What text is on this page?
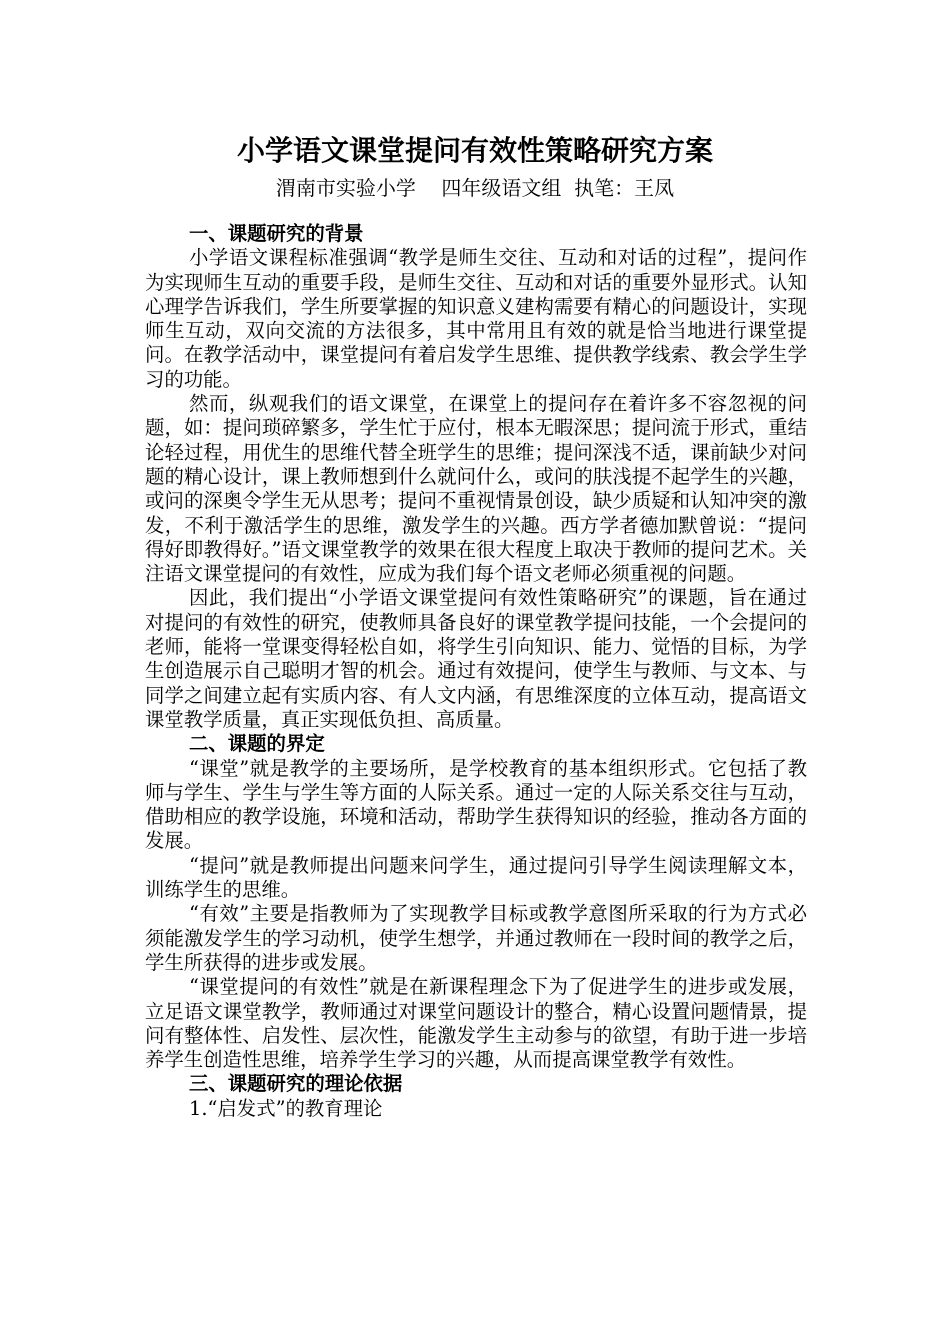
小学语文课堂提问有效性策略研究方案
渭南市实验小学    四年级语文组  执笔：王凤

一、课题研究的背景

小学语文课程标准强调“教学是师生交往、互动和对话的过程”，提问作为实现师生互动的重要手段，是师生交往、互动和对话的重要外显形式。认知心理学告诉我们，学生所要掌握的知识意义建构需要有精心的问题设计，实现师生互动，双向交流的方法很多，其中常用且有效的就是恰当地进行课堂提问。在教学活动中，课堂提问有着启发学生思维、提供教学线索、教会学生学习的功能。

然而，纵观我们的语文课堂，在课堂上的提问存在着许多不容忽视的问题，如：提问琐碎繁多，学生忙于应付，根本无暇深思；提问流于形式，重结论轻过程，用优生的思维代替全班学生的思维；提问深浅不适，课前缺少对问题的精心设计，课上教师想到什么就问什么，或问的肤浅提不起学生的兴趣，或问的深奥令学生无从思考；提问不重视情景创设，缺少质疑和认知冲突的激发，不利于激活学生的思维，激发学生的兴趣。西方学者德加默曾说：“提问得好即教得好。”语文课堂教学的效果在很大程度上取决于教师的提问艺术。关注语文课堂提问的有效性，应成为我们每个语文老师必须重视的问题。

因此，我们提出“小学语文课堂提问有效性策略研究”的课题，旨在通过对提问的有效性的研究，使教师具备良好的课堂教学提问技能，一个会提问的老师，能将一堂课变得轻松自如，将学生引向知识、能力、觉悟的目标，为学生创造展示自己聪明才智的机会。通过有效提问，使学生与教师、与文本、与同学之间建立起有实质内容、有人文内涵，有思维深度的立体互动，提高语文课堂教学质量，真正实现低负担、高质量。

二、课题的界定

“课堂”就是教学的主要场所，是学校教育的基本组织形式。它包括了教师与学生、学生与学生等方面的人际关系。通过一定的人际关系交往与互动，借助相应的教学设施，环境和活动，帮助学生获得知识的经验，推动各方面的发展。

“提问”就是教师提出问题来问学生，通过提问引导学生阅读理解文本，训练学生的思维。

“有效”主要是指教师为了实现教学目标或教学意图所采取的行为方式必须能激发学生的学习动机，使学生想学，并通过教师在一段时间的教学之后，学生所获得的进步或发展。

“课堂提问的有效性”就是在新课程理念下为了促进学生的进步或发展，立足语文课堂教学，教师通过对课堂问题设计的整合，精心设置问题情景，提问有整体性、启发性、层次性，能激发学生主动参与的欲望，有助于进一步培养学生创造性思维，培养学生学习的兴趣，从而提高课堂教学有效性。

三、课题研究的理论依据

1.“启发式”的教育理论
